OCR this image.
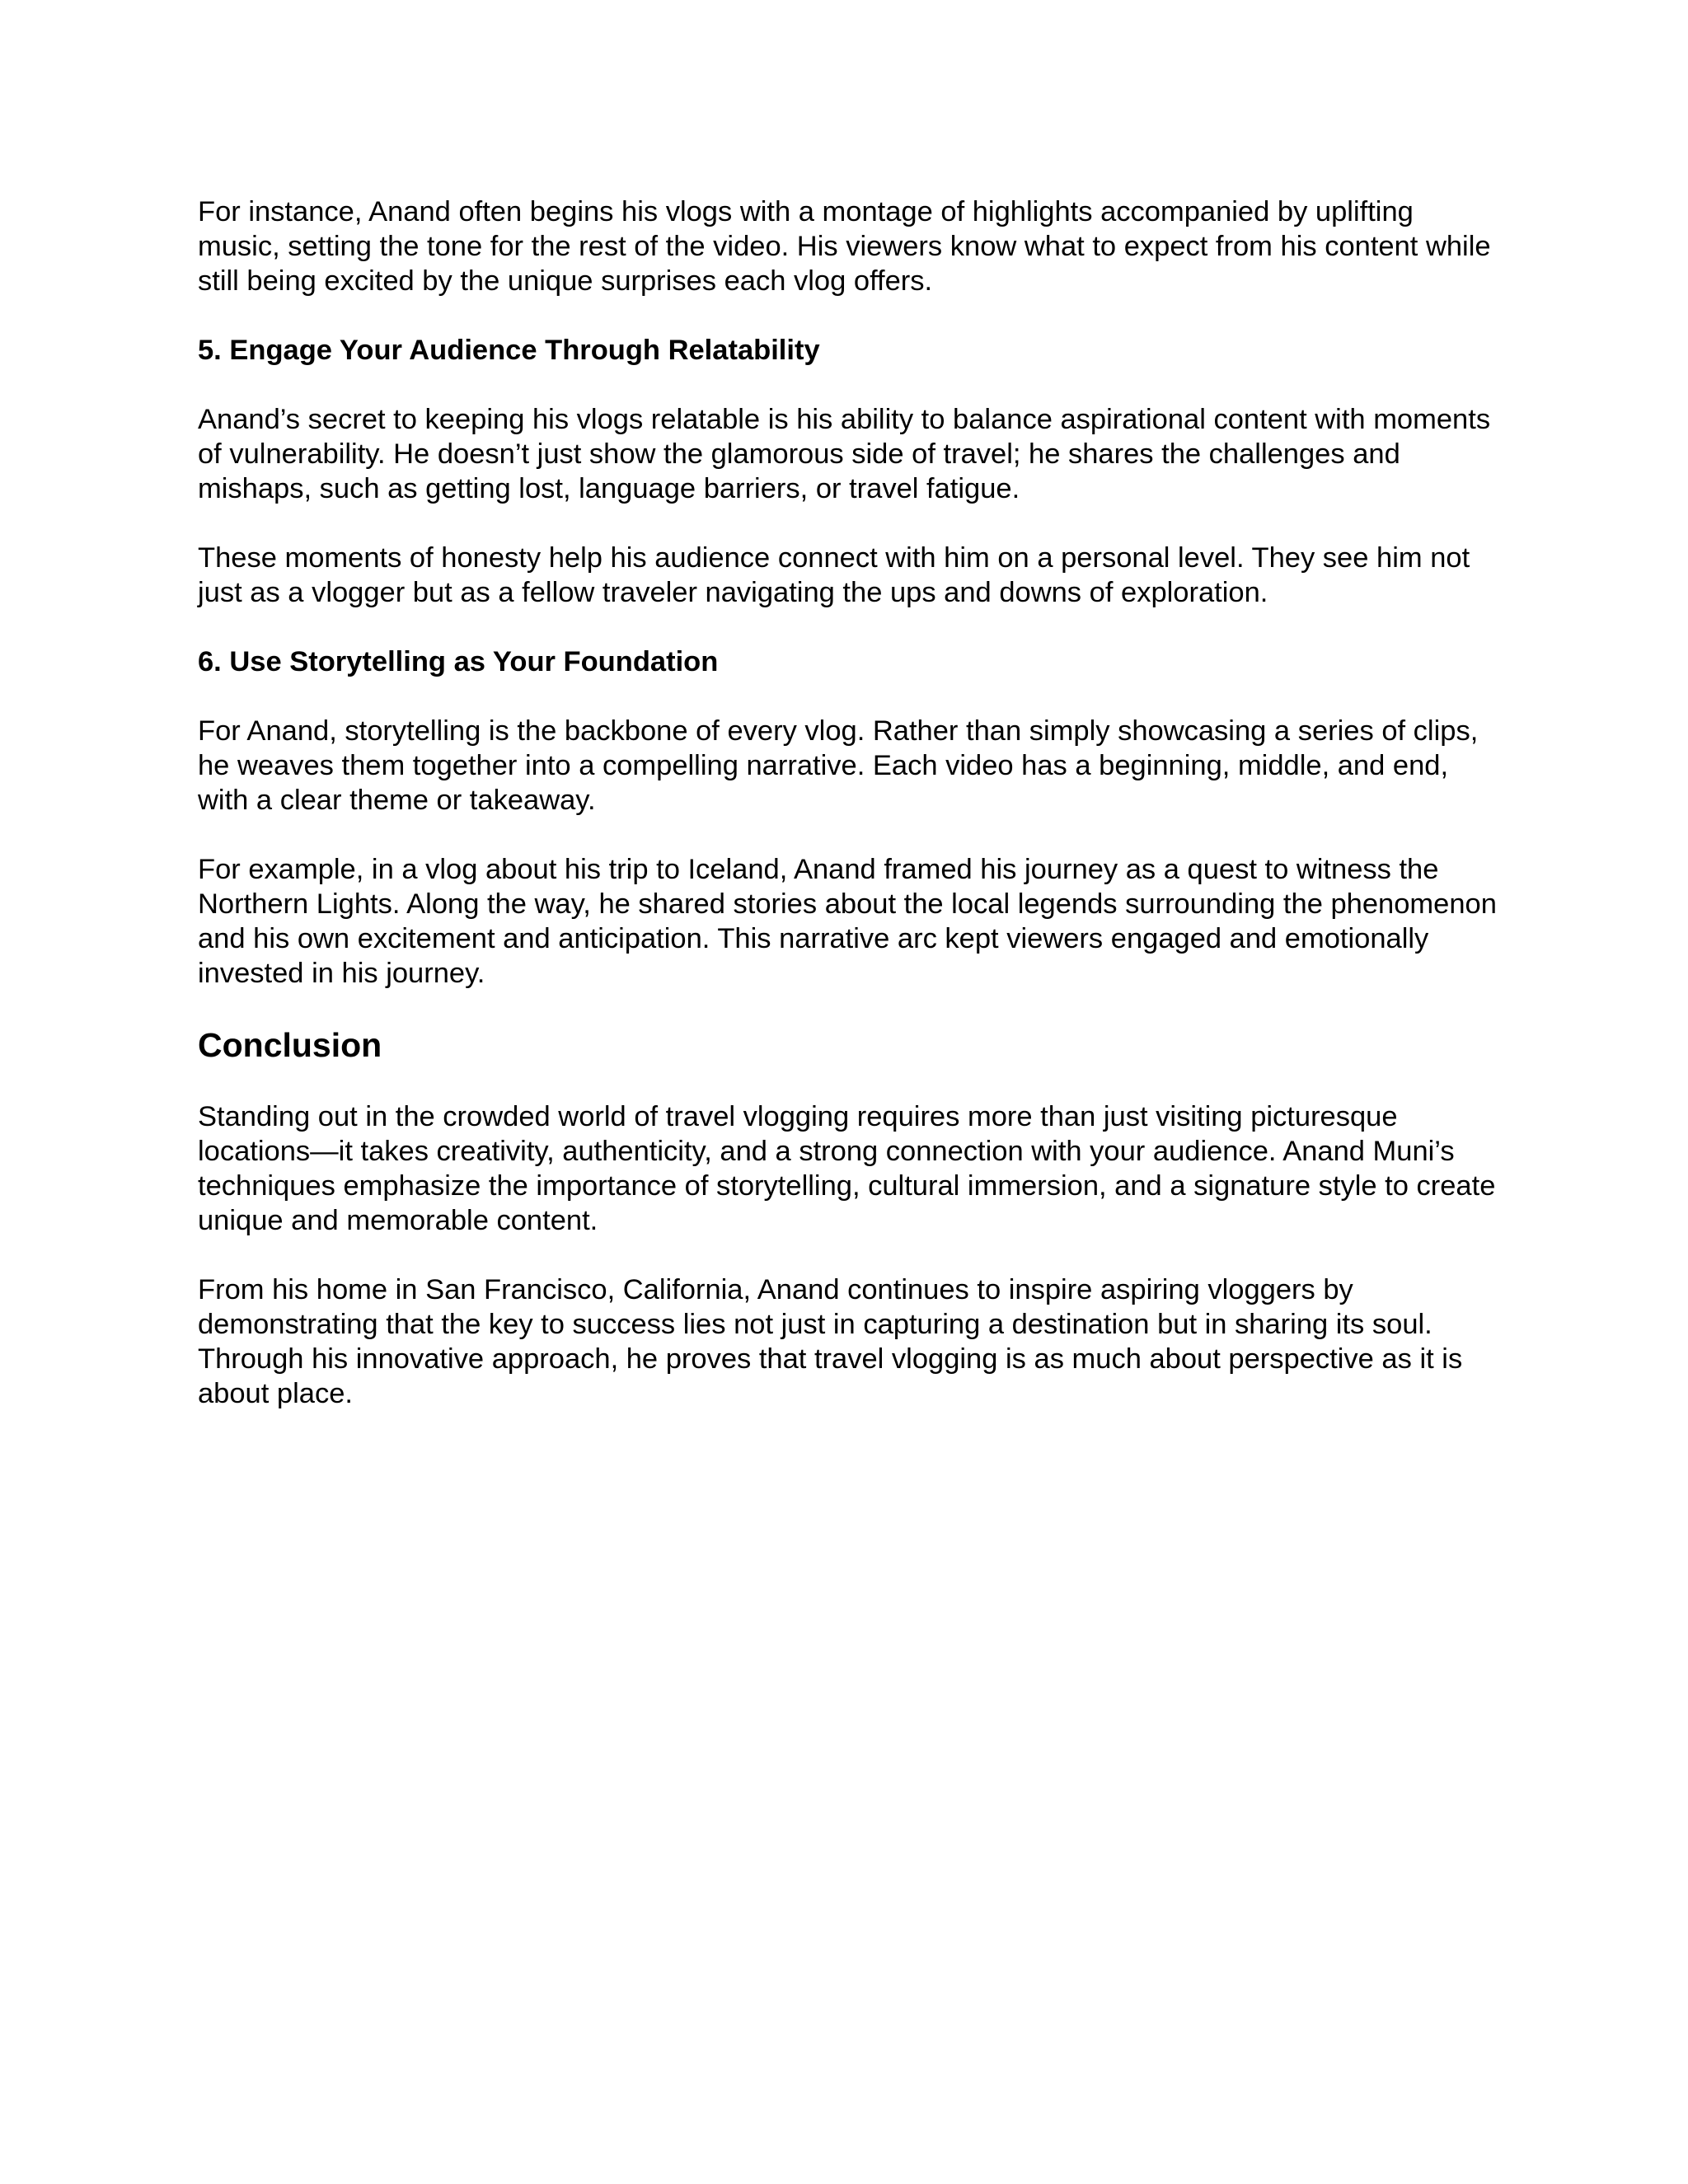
For instance, Anand often begins his vlogs with a montage of highlights accompanied by uplifting music, setting the tone for the rest of the video. His viewers know what to expect from his content while still being excited by the unique surprises each vlog offers.

5. Engage Your Audience Through Relatability

Anand’s secret to keeping his vlogs relatable is his ability to balance aspirational content with moments of vulnerability. He doesn’t just show the glamorous side of travel; he shares the challenges and mishaps, such as getting lost, language barriers, or travel fatigue.

These moments of honesty help his audience connect with him on a personal level. They see him not just as a vlogger but as a fellow traveler navigating the ups and downs of exploration.

6. Use Storytelling as Your Foundation

For Anand, storytelling is the backbone of every vlog. Rather than simply showcasing a series of clips, he weaves them together into a compelling narrative. Each video has a beginning, middle, and end, with a clear theme or takeaway.

For example, in a vlog about his trip to Iceland, Anand framed his journey as a quest to witness the Northern Lights. Along the way, he shared stories about the local legends surrounding the phenomenon and his own excitement and anticipation. This narrative arc kept viewers engaged and emotionally invested in his journey.

Conclusion

Standing out in the crowded world of travel vlogging requires more than just visiting picturesque locations—it takes creativity, authenticity, and a strong connection with your audience. Anand Muni’s techniques emphasize the importance of storytelling, cultural immersion, and a signature style to create unique and memorable content.

From his home in San Francisco, California, Anand continues to inspire aspiring vloggers by demonstrating that the key to success lies not just in capturing a destination but in sharing its soul. Through his innovative approach, he proves that travel vlogging is as much about perspective as it is about place.
